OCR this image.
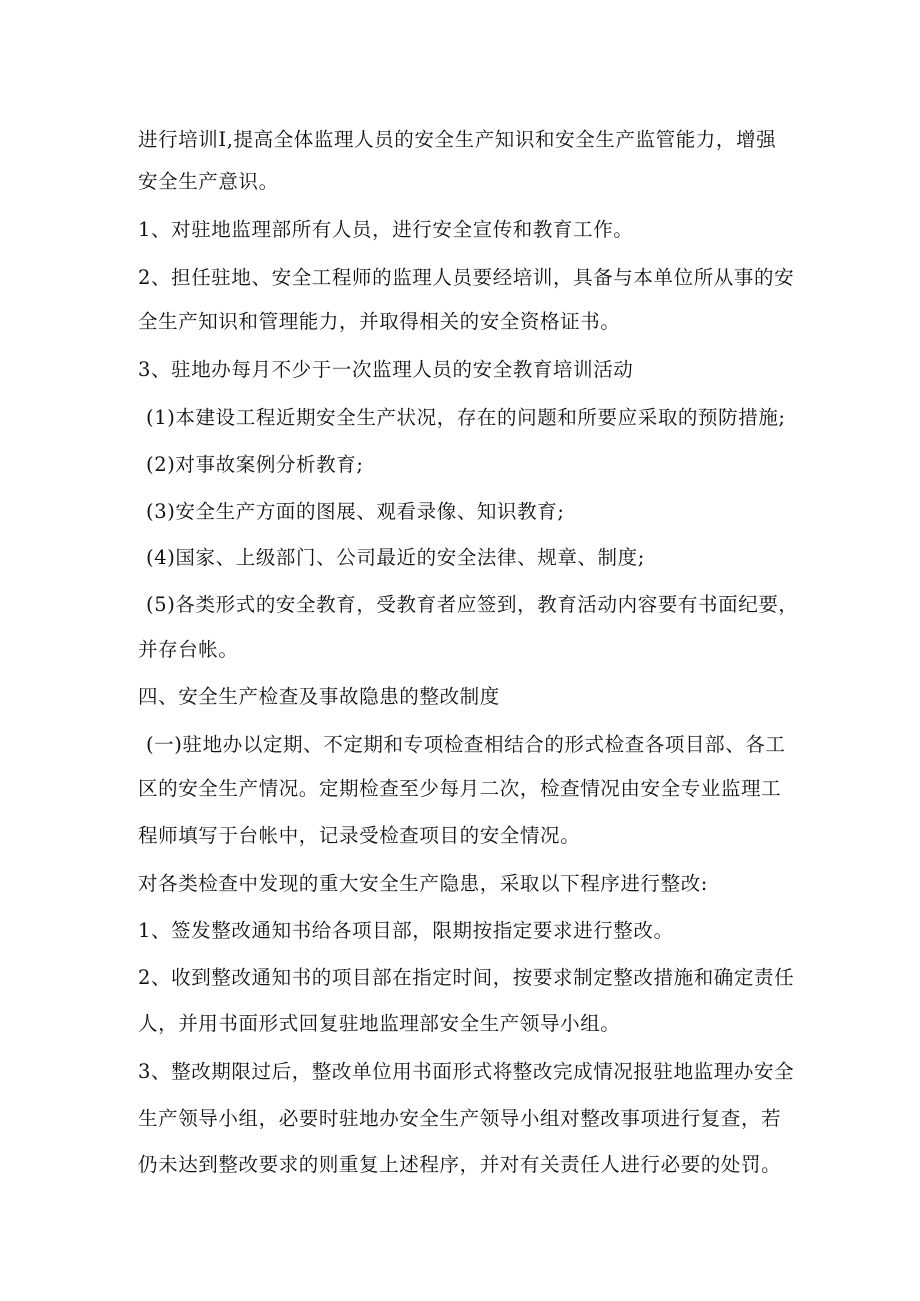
进行培训I,提高全体监理人员的安全生产知识和安全生产监管能力，增强
安全生产意识。
1、对驻地监理部所有人员，进行安全宣传和教育工作。
2、担任驻地、安全工程师的监理人员要经培训，具备与本单位所从事的安
全生产知识和管理能力，并取得相关的安全资格证书。
3、驻地办每月不少于一次监理人员的安全教育培训活动
(1)本建设工程近期安全生产状况，存在的问题和所要应采取的预防措施;
(2)对事故案例分析教育;
(3)安全生产方面的图展、观看录像、知识教育;
(4)国家、上级部门、公司最近的安全法律、规章、制度;
(5)各类形式的安全教育，受教育者应签到，教育活动内容要有书面纪要，
并存台帐。
四、安全生产检查及事故隐患的整改制度
(一)驻地办以定期、不定期和专项检查相结合的形式检查各项目部、各工
区的安全生产情况。定期检查至少每月二次，检查情况由安全专业监理工
程师填写于台帐中，记录受检查项目的安全情况。
对各类检查中发现的重大安全生产隐患，采取以下程序进行整改:
1、签发整改通知书给各项目部，限期按指定要求进行整改。
2、收到整改通知书的项目部在指定时间，按要求制定整改措施和确定责任
人，并用书面形式回复驻地监理部安全生产领导小组。
3、整改期限过后，整改单位用书面形式将整改完成情况报驻地监理办安全
生产领导小组，必要时驻地办安全生产领导小组对整改事项进行复查，若
仍未达到整改要求的则重复上述程序，并对有关责任人进行必要的处罚。
